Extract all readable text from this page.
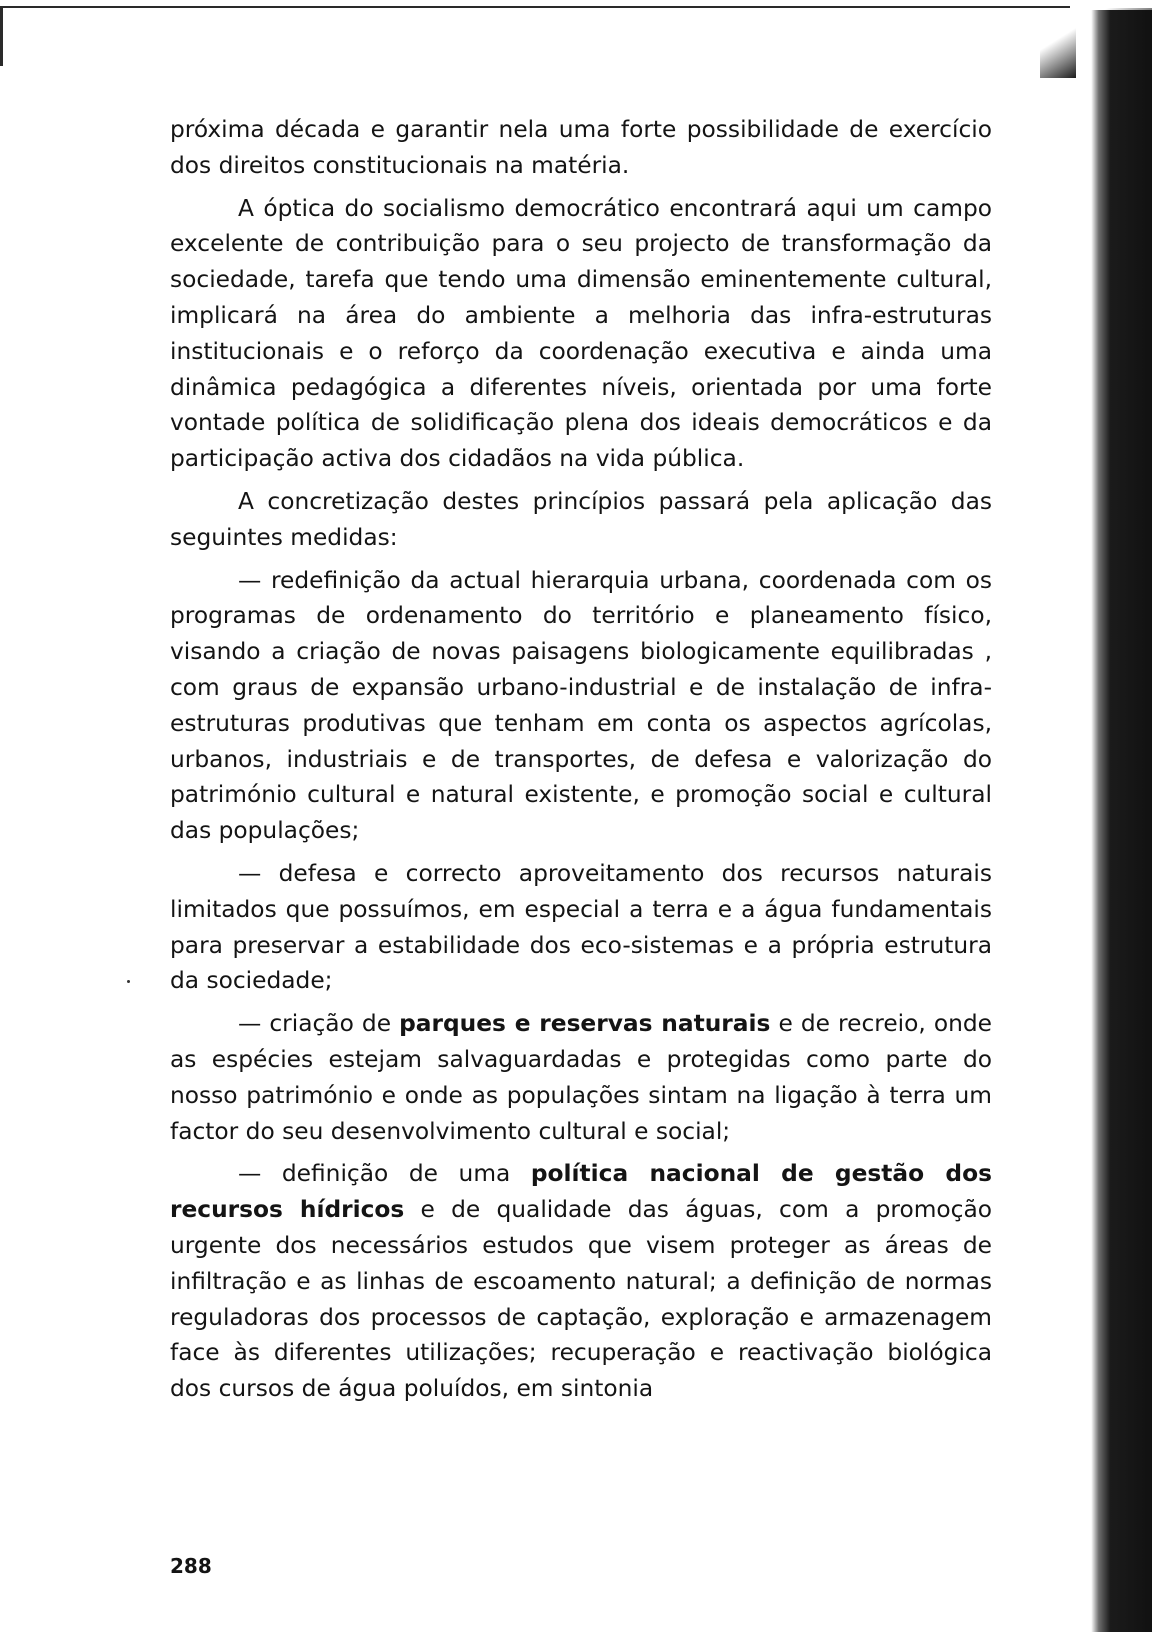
próxima década e garantir nela uma forte possibilidade de exercício dos direitos constitucionais na matéria.

A óptica do socialismo democrático encontrará aqui um campo excelente de contribuição para o seu projecto de transformação da sociedade, tarefa que tendo uma dimensão eminentemente cultural, implicará na área do ambiente a melhoria das infra-estruturas institucionais e o reforço da coordenação executiva e ainda uma dinâmica pedagógica a diferentes níveis, orientada por uma forte vontade política de solidificação plena dos ideais democráticos e da participação activa dos cidadãos na vida pública.

A concretização destes princípios passará pela aplicação das seguintes medidas:

— redefinição da actual hierarquia urbana, coordenada com os programas de ordenamento do território e planeamento físico, visando a criação de novas paisagens biologicamente equilibradas , com graus de expansão urbano-industrial e de instalação de infra-estruturas produtivas que tenham em conta os aspectos agrícolas, urbanos, industriais e de transportes, de defesa e valorização do património cultural e natural existente, e promoção social e cultural das populações;

— defesa e correcto aproveitamento dos recursos naturais limitados que possuímos, em especial a terra e a água fundamentais para preservar a estabilidade dos eco-sistemas e a própria estrutura da sociedade;

— criação de parques e reservas naturais e de recreio, onde as espécies estejam salvaguardadas e protegidas como parte do nosso património e onde as populações sintam na ligação à terra um factor do seu desenvolvimento cultural e social;

— definição de uma política nacional de gestão dos recursos hídricos e de qualidade das águas, com a promoção urgente dos necessários estudos que visem proteger as áreas de infiltração e as linhas de escoamento natural; a definição de normas reguladoras dos processos de captação, exploração e armazenagem face às diferentes utilizações; recuperação e reactivação biológica dos cursos de água poluídos, em sintonia

288
